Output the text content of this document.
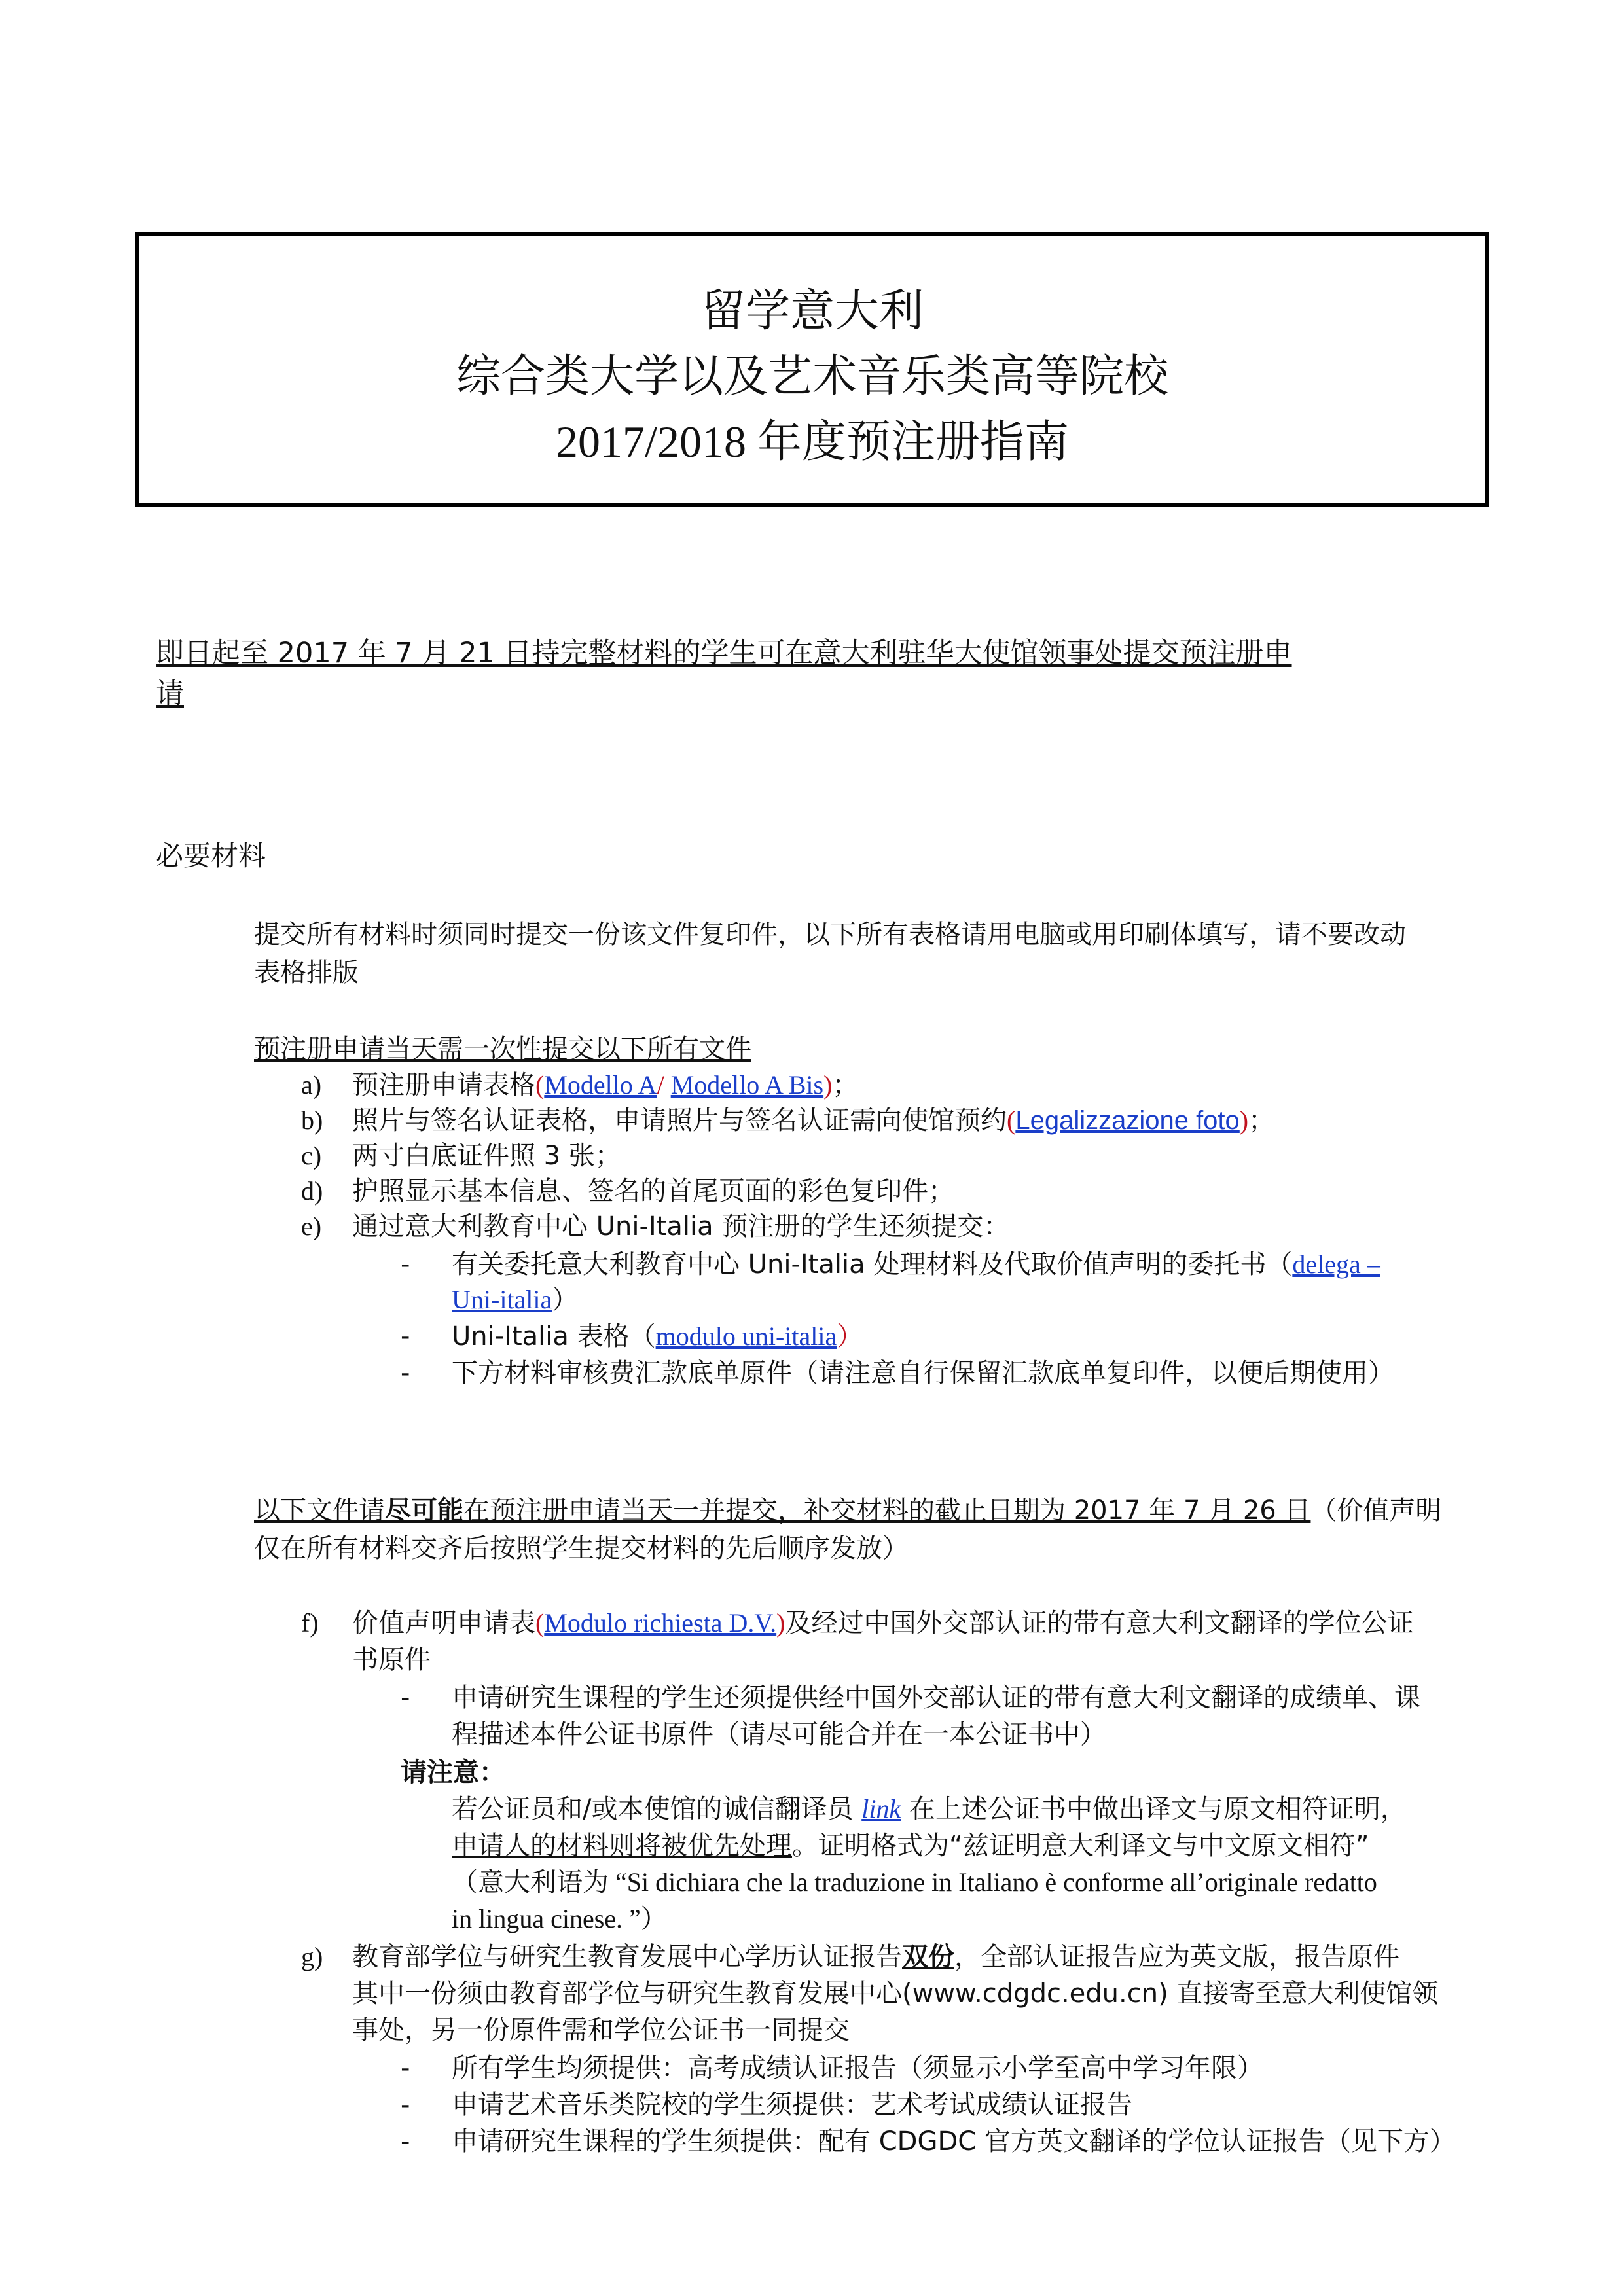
留学意大利
综合类大学以及艺术音乐类高等院校
2017/2018 年度预注册指南
即日起至 2017 年 7 月 21 日持完整材料的学生可在意大利驻华大使馆领事处提交预注册申
请
必要材料
提交所有材料时须同时提交一份该文件复印件，以下所有表格请用电脑或用印刷体填写，请不要改动
表格排版
预注册申请当天需一次性提交以下所有文件
a) 预注册申请表格(Modello A/ Modello A Bis)；
b) 照片与签名认证表格，申请照片与签名认证需向使馆预约(Legalizzazione foto)；
c) 两寸白底证件照 3 张；
d) 护照显示基本信息、签名的首尾页面的彩色复印件；
e) 通过意大利教育中心 Uni-Italia 预注册的学生还须提交：
- 有关委托意大利教育中心 Uni-Italia 处理材料及代取价值声明的委托书（delega –
Uni-italia）
- Uni-Italia 表格（modulo uni-italia）
- 下方材料审核费汇款底单原件（请注意自行保留汇款底单复印件，以便后期使用）
以下文件请尽可能在预注册申请当天一并提交，补交材料的截止日期为 2017 年 7 月 26 日（价值声明
仅在所有材料交齐后按照学生提交材料的先后顺序发放）
f) 价值声明申请表(Modulo richiesta D.V.)及经过中国外交部认证的带有意大利文翻译的学位公证
书原件
- 申请研究生课程的学生还须提供经中国外交部认证的带有意大利文翻译的成绩单、课
程描述本件公证书原件（请尽可能合并在一本公证书中）
请注意：
若公证员和/或本使馆的诚信翻译员 link 在上述公证书中做出译文与原文相符证明，
申请人的材料则将被优先处理。证明格式为“兹证明意大利译文与中文原文相符”
（意大利语为 “Si dichiara che la traduzione in Italiano è conforme all’originale redatto
in lingua cinese. ”）
g) 教育部学位与研究生教育发展中心学历认证报告双份，全部认证报告应为英文版，报告原件
其中一份须由教育部学位与研究生教育发展中心(www.cdgdc.edu.cn) 直接寄至意大利使馆领
事处，另一份原件需和学位公证书一同提交
- 所有学生均须提供：高考成绩认证报告（须显示小学至高中学习年限）
- 申请艺术音乐类院校的学生须提供：艺术考试成绩认证报告
- 申请研究生课程的学生须提供：配有 CDGDC 官方英文翻译的学位认证报告（见下方）
